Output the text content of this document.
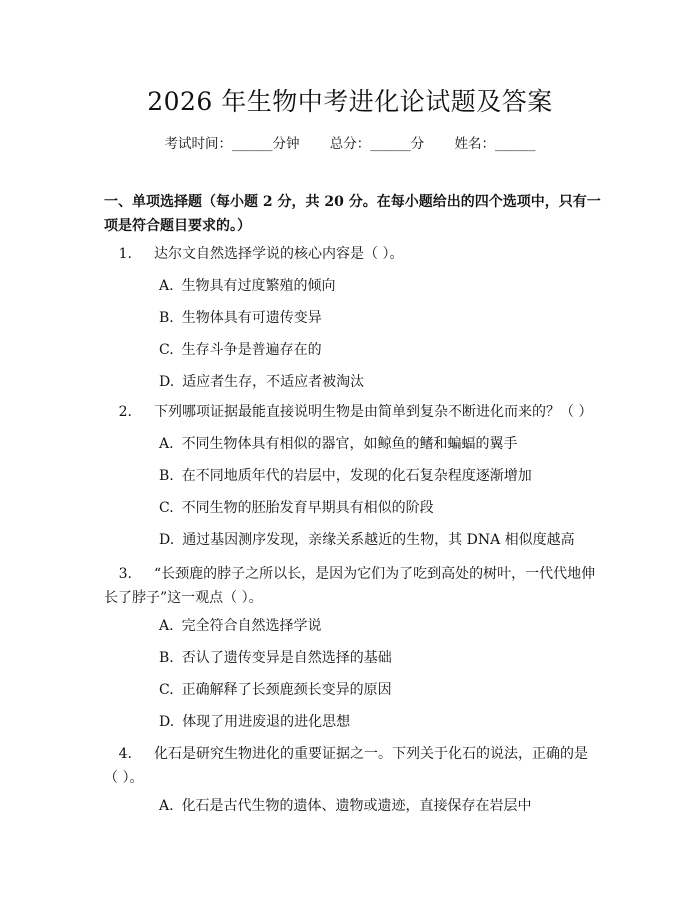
2026 年生物中考进化论试题及答案
考试时间：______分钟 总分：______分 姓名：______
一、单项选择题（每小题 2 分，共 20 分。在每小题给出的四个选项中，只有一项是符合题目要求的。）
1. 达尔文自然选择学说的核心内容是（ ）。
A. 生物具有过度繁殖的倾向
B. 生物体具有可遗传变异
C. 生存斗争是普遍存在的
D. 适应者生存，不适应者被淘汰
2. 下列哪项证据最能直接说明生物是由简单到复杂不断进化而来的？（ ）
A. 不同生物体具有相似的器官，如鲸鱼的鳍和蝙蝠的翼手
B. 在不同地质年代的岩层中，发现的化石复杂程度逐渐增加
C. 不同生物的胚胎发育早期具有相似的阶段
D. 通过基因测序发现，亲缘关系越近的生物，其 DNA 相似度越高
3. “长颈鹿的脖子之所以长，是因为它们为了吃到高处的树叶，一代代地伸
长了脖子”这一观点（ ）。
A. 完全符合自然选择学说
B. 否认了遗传变异是自然选择的基础
C. 正确解释了长颈鹿颈长变异的原因
D. 体现了用进废退的进化思想
4. 化石是研究生物进化的重要证据之一。下列关于化石的说法，正确的是
（ ）。
A. 化石是古代生物的遗体、遗物或遗迹，直接保存在岩层中
